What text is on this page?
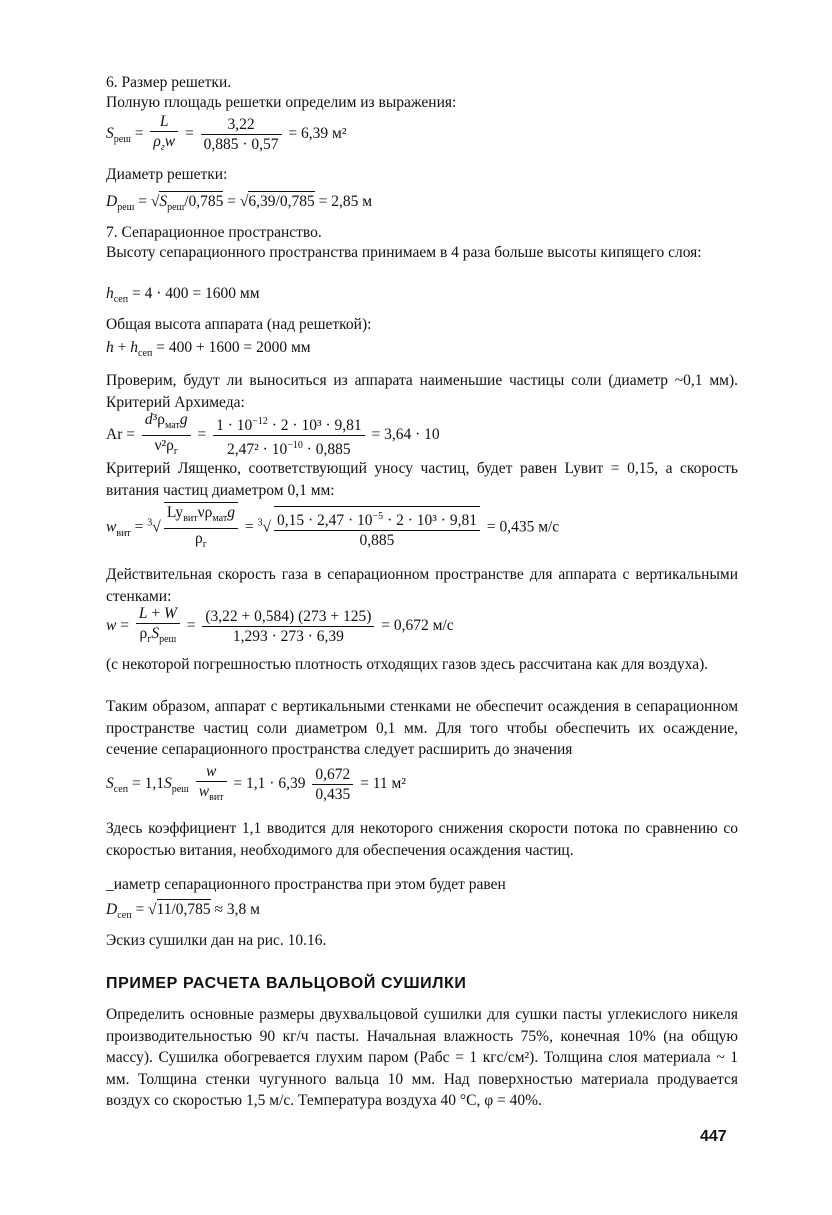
6. Размер решетки.

Полную площадь решетки определим из выражения:

$S_{реш} = \frac{L}{\rho_гw} = \frac{3,22}{0,885 \cdot 0,57} = 6,39$ м²

Диаметр решетки:

$D_{реш} = √S_{реш}/0,785 = √6,39/0,785 = 2,85$ м

7. Сепарационное пространство.

Высоту сепарационного пространства принимаем в 4 раза больше высоты кипящего слоя:

$h_{сеп} = 4 \cdot 400 = 1600$ мм

Общая высота аппарата (над решеткой):

$h + h_{сеп} = 400 + 1600 = 2000$ мм

Проверим, будут ли выноситься из аппарата наименьшие частицы соли (диаметр ~0,1 мм). Критерий Архимеда:

$Ar = \frac{d^3\rho_{мат}g}{\nu^2\rho_г} = \frac{1 \cdot 10^{-12} \cdot 2 \cdot 10^3 \cdot 9,81}{2,47^2 \cdot 10^{-10} \cdot 0,885} = 3,64 \cdot 10$

Критерий Лященко, соответствующий уносу частиц, будет равен Lyвит = 0,15, а скорость витания частиц диаметром 0,1 мм:

$w_{вит} = ^3√ \frac{Ly_{вит}\nu\rho_{мат}g}{\rho_г} = ^3√ \frac{0,15 \cdot 2,47 \cdot 10^{-5} \cdot 2 \cdot 10^3 \cdot 9,81}{0,885} = 0,435$ м/с

Действительная скорость газа в сепарационном пространстве для аппарата с вертикальными стенками:

$w = \frac{L + W}{\rho_гS_{реш}} = \frac{(3,22 + 0,584) (273 + 125)}{1,293 \cdot 273 \cdot 6,39} = 0,672$ м/с

(с некоторой погрешностью плотность отходящих газов здесь рассчитана как для воздуха).

Таким образом, аппарат с вертикальными стенками не обеспечит осаждения в сепарационном пространстве частиц соли диаметром 0,1 мм. Для того чтобы обеспечить их осаждение, сечение сепарационного пространства следует расширить до значения

$S_{сеп} = 1,1S_{реш} \frac{w}{w_{вит}} = 1,1 \cdot 6,39 \frac{0,672}{0,435} = 11$ м²

Здесь коэффициент 1,1 вводится для некоторого снижения скорости потока по сравнению со скоростью витания, необходимого для обеспечения осаждения частиц.

_иаметр сепарационного пространства при этом будет равен

$D_{сеп} = √11/0,785 \approx 3,8$ м

Эскиз сушилки дан на рис. 10.16.

ПРИМЕР РАСЧЕТА ВАЛЬЦОВОЙ СУШИЛКИ

Определить основные размеры двухвальцовой сушилки для сушки пасты углекислого никеля производительностью 90 кг/ч пасты. Начальная влажность 75%, конечная 10% (на общую массу). Сушилка обогревается глухим паром (Pабс = 1 кгс/см²). Толщина слоя материала ~ 1 мм. Толщина стенки чугунного вальца 10 мм. Над поверхностью материала продувается воздух со скоростью 1,5 м/с. Температура воздуха 40 °С, φ = 40%.

447
